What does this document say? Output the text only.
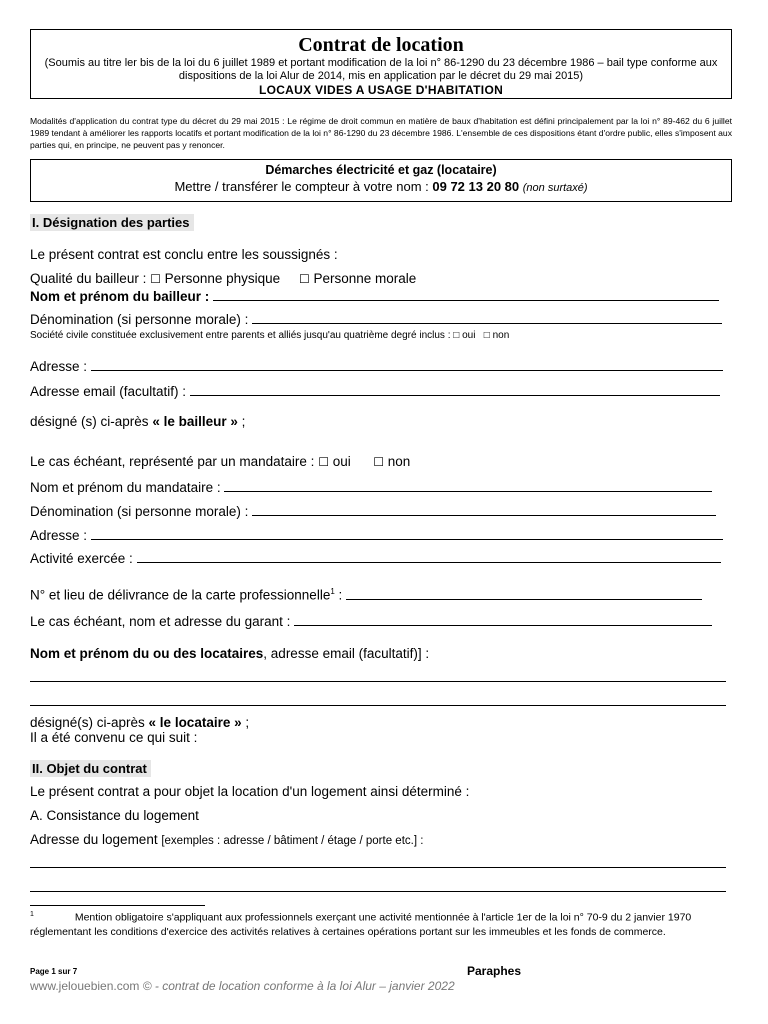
Contrat de location
(Soumis au titre ler bis de la loi du 6 juillet 1989 et portant modification de la loi n° 86-1290 du 23 décembre 1986 – bail type conforme aux dispositions de la loi Alur de 2014, mis en application par le décret du 29 mai 2015)
LOCAUX VIDES A USAGE D'HABITATION
Modalités d'application du contrat type du décret du 29 mai 2015 : Le régime de droit commun en matière de baux d'habitation est défini principalement par la loi n° 89-462 du 6 juillet 1989 tendant à améliorer les rapports locatifs et portant modification de la loi n° 86-1290 du 23 décembre 1986. L'ensemble de ces dispositions étant d'ordre public, elles s'imposent aux parties qui, en principe, ne peuvent pas y renoncer.
Démarches électricité et gaz (locataire)
Mettre / transférer le compteur à votre nom : 09 72 13 20 80 (non surtaxé)
I. Désignation des parties
Le présent contrat est conclu entre les soussignés :
Qualité du bailleur : ☐ Personne physique ☐ Personne morale
Nom et prénom du bailleur :
Dénomination (si personne morale) :
Société civile constituée exclusivement entre parents et alliés jusqu'au quatrième degré inclus : □ oui □ non
Adresse :
Adresse email (facultatif) :
désigné (s) ci-après « le bailleur » ;
Le cas échéant, représenté par un mandataire : ☐ oui ☐ non
Nom et prénom du mandataire :
Dénomination (si personne morale) :
Adresse :
Activité exercée :
N° et lieu de délivrance de la carte professionnelle$^1$ :
Le cas échéant, nom et adresse du garant :
Nom et prénom du ou des locataires, adresse email (facultatif)] :
désigné(s) ci-après « le locataire » ;
Il a été convenu ce qui suit :
II. Objet du contrat
Le présent contrat a pour objet la location d'un logement ainsi déterminé :
A. Consistance du logement
Adresse du logement [exemples : adresse / bâtiment / étage / porte etc.] :
$^1$	Mention obligatoire s'appliquant aux professionnels exerçant une activité mentionnée à l'article 1er de la loi n° 70-9 du 2 janvier 1970 réglementant les conditions d'exercice des activités relatives à certaines opérations portant sur les immeubles et les fonds de commerce.
Page 1 sur 7	Paraphes
www.jelouebien.com © - contrat de location conforme à la loi Alur – janvier 2022
